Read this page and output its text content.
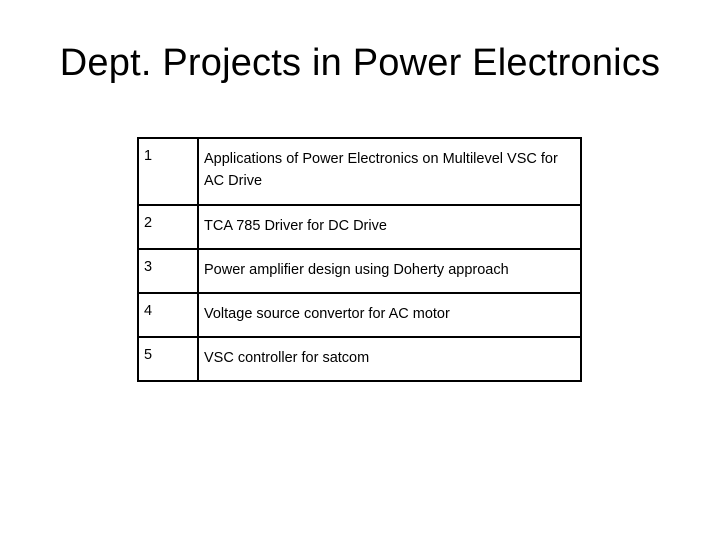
Dept. Projects in Power Electronics
1	Applications of Power Electronics on Multilevel VSC for AC Drive
2	TCA 785 Driver for DC Drive
3	Power amplifier design using Doherty approach
4	Voltage source convertor for AC motor
5	VSC controller for satcom
